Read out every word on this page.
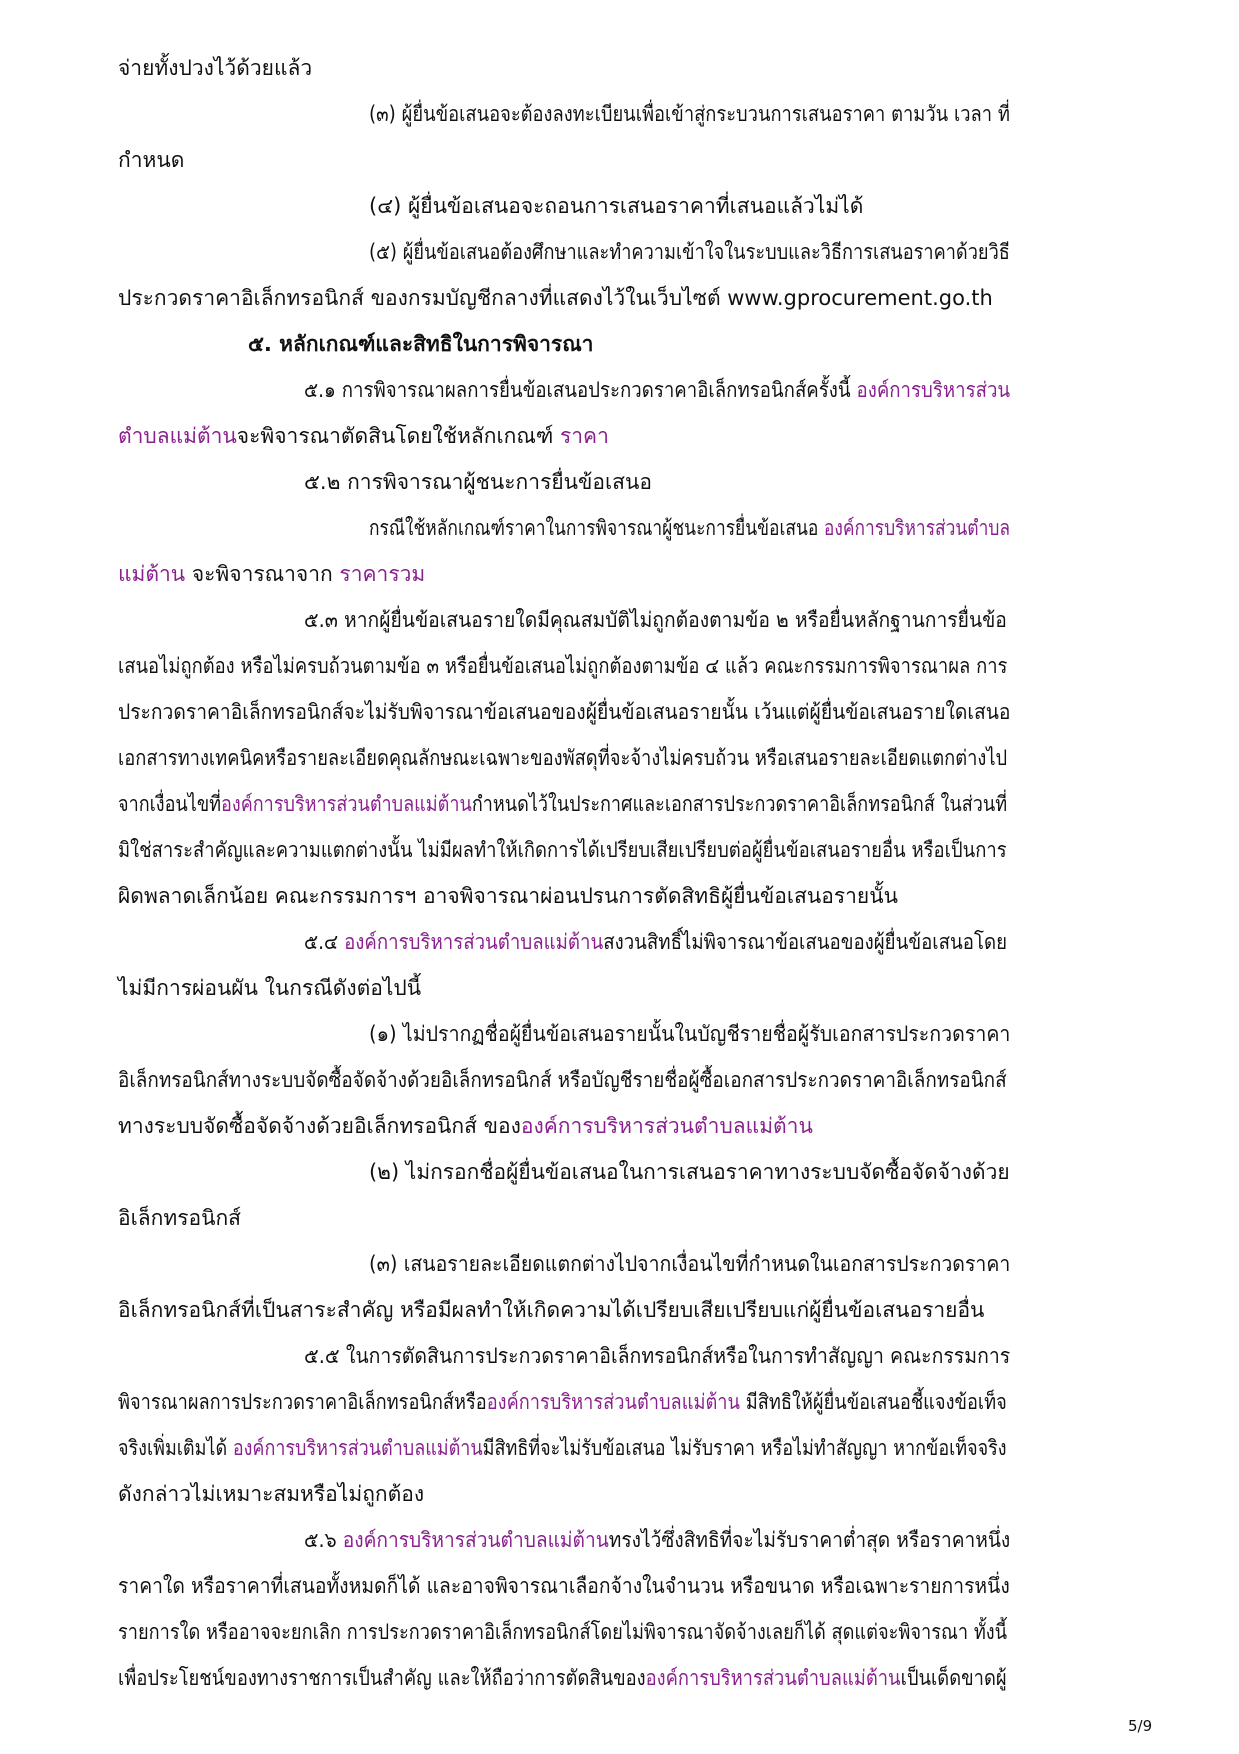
จ่ายทั้งปวงไว้ด้วยแล้ว
(๓) ผู้ยื่นข้อเสนอจะต้องลงทะเบียนเพื่อเข้าสู่กระบวนการเสนอราคา ตามวัน เวลา ที่
กำหนด
(๔) ผู้ยื่นข้อเสนอจะถอนการเสนอราคาที่เสนอแล้วไม่ได้
(๕) ผู้ยื่นข้อเสนอต้องศึกษาและทำความเข้าใจในระบบและวิธีการเสนอราคาด้วยวิธี
ประกวดราคาอิเล็กทรอนิกส์ ของกรมบัญชีกลางที่แสดงไว้ในเว็บไซต์ www.gprocurement.go.th
๕. หลักเกณฑ์และสิทธิในการพิจารณา
๕.๑ การพิจารณาผลการยื่นข้อเสนอประกวดราคาอิเล็กทรอนิกส์ครั้งนี้ องค์การบริหารส่วน
ตำบลแม่ต้านจะพิจารณาตัดสินโดยใช้หลักเกณฑ์ ราคา
๕.๒ การพิจารณาผู้ชนะการยื่นข้อเสนอ
กรณีใช้หลักเกณฑ์ราคาในการพิจารณาผู้ชนะการยื่นข้อเสนอ องค์การบริหารส่วนตำบล
แม่ต้าน จะพิจารณาจาก ราคารวม
๕.๓ หากผู้ยื่นข้อเสนอรายใดมีคุณสมบัติไม่ถูกต้องตามข้อ ๒ หรือยื่นหลักฐานการยื่นข้อ
เสนอไม่ถูกต้อง หรือไม่ครบถ้วนตามข้อ ๓ หรือยื่นข้อเสนอไม่ถูกต้องตามข้อ ๔ แล้ว คณะกรรมการพิจารณาผล การ
ประกวดราคาอิเล็กทรอนิกส์จะไม่รับพิจารณาข้อเสนอของผู้ยื่นข้อเสนอรายนั้น เว้นแต่ผู้ยื่นข้อเสนอรายใดเสนอ
เอกสารทางเทคนิคหรือรายละเอียดคุณลักษณะเฉพาะของพัสดุที่จะจ้างไม่ครบถ้วน หรือเสนอรายละเอียดแตกต่างไป
จากเงื่อนไขที่องค์การบริหารส่วนตำบลแม่ต้านกำหนดไว้ในประกาศและเอกสารประกวดราคาอิเล็กทรอนิกส์ ในส่วนที่
มิใช่สาระสำคัญและความแตกต่างนั้น ไม่มีผลทำให้เกิดการได้เปรียบเสียเปรียบต่อผู้ยื่นข้อเสนอรายอื่น หรือเป็นการ
ผิดพลาดเล็กน้อย คณะกรรมการฯ อาจพิจารณาผ่อนปรนการตัดสิทธิผู้ยื่นข้อเสนอรายนั้น
๕.๔ องค์การบริหารส่วนตำบลแม่ต้านสงวนสิทธิ์ไม่พิจารณาข้อเสนอของผู้ยื่นข้อเสนอโดย
ไม่มีการผ่อนผัน ในกรณีดังต่อไปนี้
(๑) ไม่ปรากฏชื่อผู้ยื่นข้อเสนอรายนั้นในบัญชีรายชื่อผู้รับเอกสารประกวดราคา
อิเล็กทรอนิกส์ทางระบบจัดซื้อจัดจ้างด้วยอิเล็กทรอนิกส์ หรือบัญชีรายชื่อผู้ซื้อเอกสารประกวดราคาอิเล็กทรอนิกส์
ทางระบบจัดซื้อจัดจ้างด้วยอิเล็กทรอนิกส์ ขององค์การบริหารส่วนตำบลแม่ต้าน
(๒) ไม่กรอกชื่อผู้ยื่นข้อเสนอในการเสนอราคาทางระบบจัดซื้อจัดจ้างด้วย
อิเล็กทรอนิกส์
(๓) เสนอรายละเอียดแตกต่างไปจากเงื่อนไขที่กำหนดในเอกสารประกวดราคา
อิเล็กทรอนิกส์ที่เป็นสาระสำคัญ หรือมีผลทำให้เกิดความได้เปรียบเสียเปรียบแก่ผู้ยื่นข้อเสนอรายอื่น
๕.๕ ในการตัดสินการประกวดราคาอิเล็กทรอนิกส์หรือในการทำสัญญา คณะกรรมการ
พิจารณาผลการประกวดราคาอิเล็กทรอนิกส์หรือองค์การบริหารส่วนตำบลแม่ต้าน มีสิทธิให้ผู้ยื่นข้อเสนอชี้แจงข้อเท็จ
จริงเพิ่มเติมได้ องค์การบริหารส่วนตำบลแม่ต้านมีสิทธิที่จะไม่รับข้อเสนอ ไม่รับราคา หรือไม่ทำสัญญา หากข้อเท็จจริง
ดังกล่าวไม่เหมาะสมหรือไม่ถูกต้อง
๕.๖ องค์การบริหารส่วนตำบลแม่ต้านทรงไว้ซึ่งสิทธิที่จะไม่รับราคาต่ำสุด หรือราคาหนึ่ง
ราคาใด หรือราคาที่เสนอทั้งหมดก็ได้ และอาจพิจารณาเลือกจ้างในจำนวน หรือขนาด หรือเฉพาะรายการหนึ่ง
รายการใด หรืออาจจะยกเลิก การประกวดราคาอิเล็กทรอนิกส์โดยไม่พิจารณาจัดจ้างเลยก็ได้ สุดแต่จะพิจารณา ทั้งนี้
เพื่อประโยชน์ของทางราชการเป็นสำคัญ และให้ถือว่าการตัดสินขององค์การบริหารส่วนตำบลแม่ต้านเป็นเด็ดขาดผู้
5/9
